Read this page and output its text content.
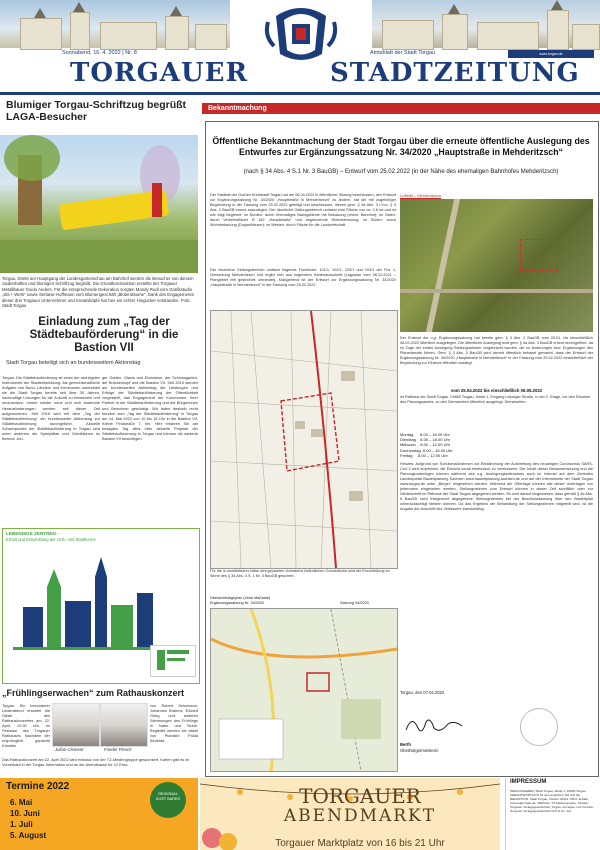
Sonnabend, 16. 4. 2022 | Nr. 8	Amtsblatt der Stadt Torgau	www.torgau.de
TORGAUER	STADTZEITUNG
Blumiger Torgau-Schriftzug begrüßt LAGA-Besucher
Torgau. Direkt am Hauptgang der Landesgartenschau am Bahnhof werden die Besucher von diesem zauberhaften und blumigen Schriftzug begrüßt. Die Grundkonstruktion erstellte der Torgauer Metallbauer Guido Anders. Für die entsprechende Dekoration sorgten Mandy Rudi vom Grafikstudio „Stil + Werk“ sowie Stefanie Hoffmann vom Blumengeschäft „Blütenträume“. Dank des Engagements dieser drei Torgauer Unternehmer und Kreativköpfe hat hier ein echter Hingucker entstanden. Foto: Stadt Torgau
Einladung zum „Tag der Städtebauförderung“ in die Bastion VII
Stadt Torgau beteiligt sich an bundesweitem Aktionstag
Torgau. Die Städtebauförderung ist eines der wichtigsten Instrumente der Stadtentwicklung. Als gemeinschaftliche Aufgabe von Bund, Ländern und Kommunen unterstützt sie die Stadt Torgau bereits seit über 30 Jahren, nachhaltige Lösungen für die Zukunft zu entwickeln und umzusetzen. Immer wieder neue und sich ändernde Herausforderungen werden seit dieser Zeit aufgenommen. Seit 2015 wird mit dem „Tag der Städtebauförderung“ ein bundesweiter Aktionstag zur Städtebauförderung durchgeführt. Aktuelle Schwerpunkte der Städtebauförderung in Torgau sind unter anderem die Spielplätze und Grünflächen im Bereich Jun-
ger Garten, Glacis und Eichwiese, der Schlossgarten, der Brückenkopf und die Bastion VII. Seit 2015 werden am bundesweiten Aktionstag die Leistungen und Erfolge der Städtebauförderung der Öffentlichkeit vorgestellt, das Engagement der Kommunen, ihrer Partner in der Städtebauförderung und der Bürgerinnen und Bewohner gewürdigt. Wir laden deshalb recht herzlich zum „Tag der Städtebauförderung“ in Torgau am 14. Mai 2022 von 10 bis 18 Uhr in die Bastion VII, Kleine Feldstraße 7, ein. Hier erfahren Sie am besagten Tag alles über aktuelle Projekte der Städtebauförderung in Torgau und können die sanierte Bastion VII besichtigen.
LEBENDIGE ZENTREN -
Erhalt und Entwicklung der Orts- und Stadtkerne
„Frühlingserwachen“ zum Rathauskonzert
Torgau. Ein besonderer Liederabend erwartet die Gäste des Rathauskonzertes am 22. April, 19.30 Uhr, im Festsaal des Torgauer Rathauses. Nachdem der ursprünglich geplante Künstler
Julian Clement	Frieder Flesch
von Robert Schumann, Johannes Brahms, Edvard Grieg und anderen Stimmungen des Frühlings in Natur und Seele. Begleitet werden sie dabei von Pianistin Paula Almeida.
Das Rathauskonzert am 22. April 2022 wird exklusiv von der TZ-Mediengruppe gesponsert. Karten gibt es im Vorverkauf in der Torgau-Information und an der Abendkasse für 12 Euro.
Termine 2022
6. Mai
10. Juni
1. Juli
5. August
REGIONAL KOST BARES	TORGAUER
ABENDMARKT
Torgauer Marktplatz von 16 bis 21 Uhr
IMPRESSUM
HERAUSGEBER: Stadt Torgau, Markt 1, 04860 Torgau. VERANTWORTLICH für den amtlichen Teil und die REDAKTION: Stadt Torgau, Telefon 03421 748-0. E-Mail: presse@torgau.de. VERLAG: TZ-Mediengruppe. Inhaber: Torgauer Verlagsgesellschaft, Torgau. Anzeigen und Vertrieb: Torgauer Verlagsgesellschaft mbH & Co. KG.
Bekanntmachung
Öffentliche Bekanntmachung der Stadt Torgau über die erneute öffentliche Auslegung des Entwurfes zur Ergänzungssatzung Nr. 34/2020 „Hauptstraße in Mehderitzsch“
(nach § 34 Abs. 4 S.1 Nr. 3 BauGB) – Entwurf vom 25.02.2022 (in der Nähe des ehemaligen Bahnhofes Mehderitzsch)
Der Stadtrat der Großen Kreisstadt Torgau hat am 06.04.2022 in öffentlicher Sitzung beschlossen, den Entwurf zur Ergänzungssatzung Nr. 34/2020 „Hauptstraße in Mehderitzsch“ zu ändern, hat die mit zugehöriger Begründung in der Fassung vom 25.02.2022 gebilligt und beschlossen, diesen gem. § 4a Abs. 3 i.V.m. § 3 Abs. 2 BauGB erneut auszulegen. Der räumliche Geltungsbereich umfasst eine Fläche von ca. 0,6 ha und ist wie folgt begrenzt: im Norden: durch ehemaliges Bahngelände mit Bebauung (ehem. Bahnhof); im Osten: durch Verkehrsfläche B 182 „Hauptstraße“ und angrenzende Wohnbebauung; im Süden: durch Wohnbebauung (Doppelhäuser); im Westen: durch Fläche für die Landwirtschaft.
Der räumliche Geltungsbereich umfasst folgende Flurstücke: 101/1, 102/1, 103/1 und 104/1 der Flur 1, Gemarkung Mehderitzsch und ergibt sich aus folgendem Kartenausschnitt (Lageplan vom 06.12.2021 – Plangebiet fett gestrichelt umrandet). Maßgebend ist der Entwurf zur Ergänzungssatzung Nr. 34/2020 „Hauptstraße in Mehderitzsch“ in der Fassung vom 25.02.2022.
Für die in unmittelbarer Nähe des geplanten Vorhabens befindlichen Grundstücke wird die Erschließung im Sinne des § 34 Abs. 4 S. 1 Nr. 3 BauGB gesichert.
Übersichtslageplan (ohne Maßstab)
Ergänzungssatzung Nr. 34/2020	Satzung 34/2020
Luftbild – Mehderitzsch
Der Entwurf der o.g. Ergänzungssatzung hat bereits gem. § 3 Abs. 2 BauGB vom 03.01. bis einschließlich 08.02.2022 öffentlich ausgelegen. Die öffentliche Auslegung wird gem. § 4a Abs. 3 BauGB erneut durchgeführt, da im Zuge der ersten Auslegung Stellungnahmen vorgebracht wurden, die zu Änderungen bzw. Ergänzungen des Planentwurfs führen. Gem. § 3 Abs. 2 BauGB wird hiermit öffentlich bekannt gemacht, dass der Entwurf der Ergänzungssatzung Nr. 34/2020 „Hauptstraße in Mehderitzsch“ in der Fassung vom 25.02.2022 einschließlich der Begründung zur Einsicht öffentlich ausliegt.
vom 25.04.2022 bis einschließlich 06.05.2022
im Rathaus der Stadt Torgau, 04860 Torgau, Markt 1, Eingang Leipziger Straße, in der 2. Etage, vor den Räumen des Planungsamtes, zu den Dienstzeiten öffentlich ausgelegt. Dienstzeiten:
Montag      8.00 – 16.00 Uhr
Dienstag    8.00 – 18.00 Uhr
Mittwoch    8.00 – 12.00 Uhr
Donnerstag  8.00 – 16.00 Uhr
Freitag     8.00 – 12.00 Uhr
Hinweis: Aufgrund von Schutzmaßnahmen zur Eindämmung der Ausbreitung des neuartigen Coronavirus SARS-CoV-2 wird empfohlen, die Einsicht vorab telefonisch zu vereinbaren. Der Inhalt dieser Bekanntmachung und die Planungsunterlagen können während des o.g. Auslegungszeitraumes auch im Internet auf dem Zentralen Landesportal Bauleitplanung Sachsen www.bauleitplanung.sachsen.de und auf der Internetseite der Stadt Torgau www.torgau.de unter „Bürger“ eingesehen werden. Während der Offenlage können alle dieser Unterlagen von jedermann eingesehen werden. Stellungnahmen zum Entwurf können in dieser Zeit schriftlich oder zur Niederschrift im Rathaus der Stadt Torgau abgegeben werden. Es wird darauf hingewiesen, dass gemäß § 4a Abs. 6 BauGB nicht fristgerecht abgegebene Stellungnahmen bei der Beschlussfassung über den Bauleitplan unberücksichtigt bleiben können. Da das Ergebnis der Behandlung der Stellungnahmen mitgeteilt wird, ist die Angabe der Anschrift des Verfassers zweckmäßig.
Torgau, den 07.04.2022
Berth
Oberbürgermeisterin
